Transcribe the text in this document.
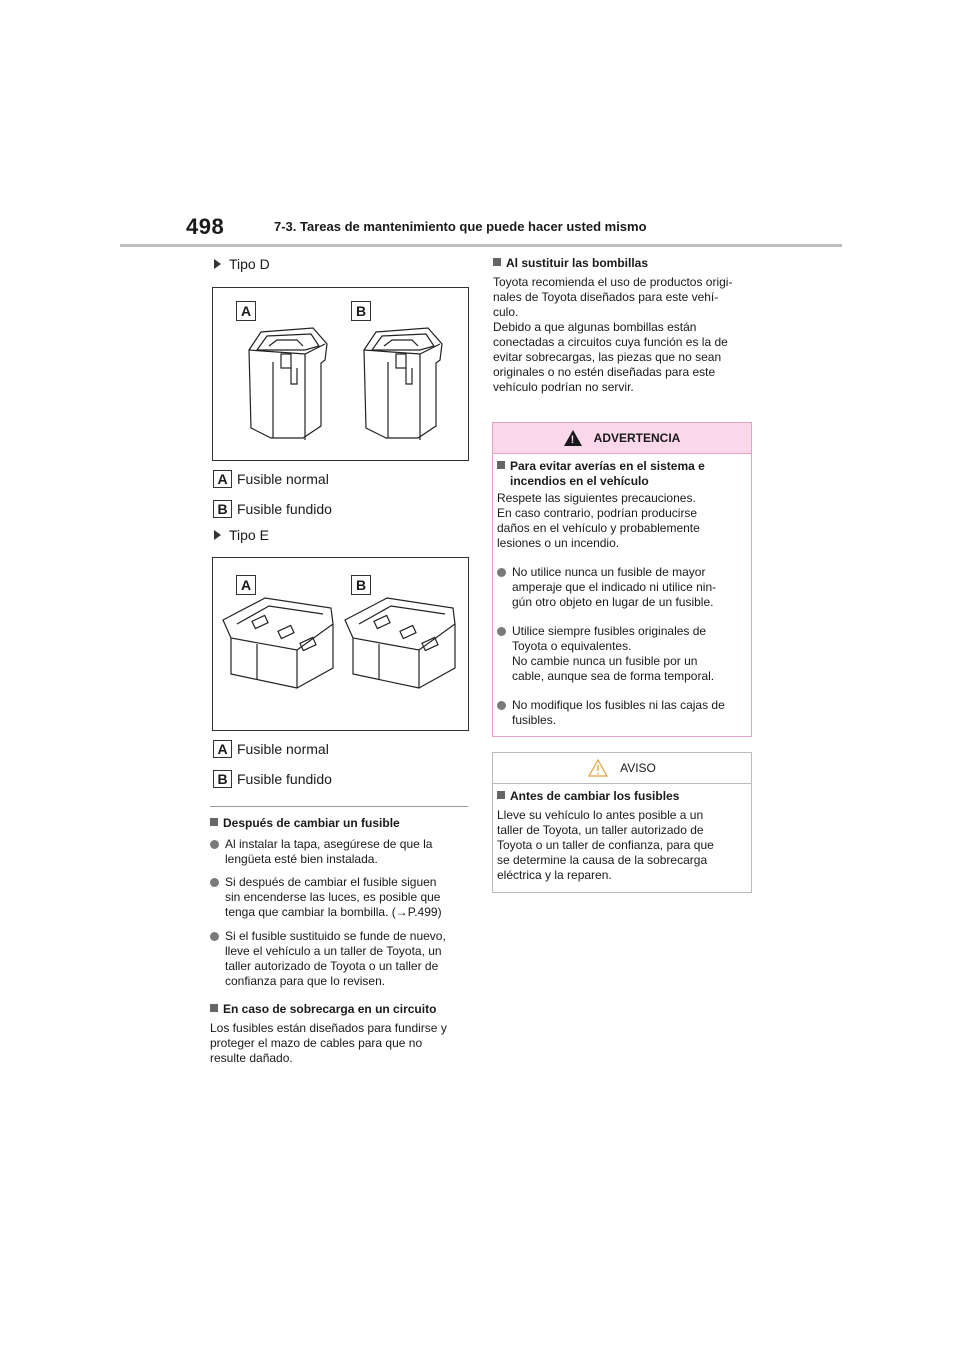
498	7-3. Tareas de mantenimiento que puede hacer usted mismo
Tipo D
A	B
A Fusible normal
B Fusible fundido
Tipo E
A	B
A Fusible normal
B Fusible fundido
Después de cambiar un fusible
Al instalar la tapa, asegúrese de que la
lengüeta esté bien instalada.
Si después de cambiar el fusible siguen
sin encenderse las luces, es posible que
tenga que cambiar la bombilla. (→P.499)
Si el fusible sustituido se funde de nuevo,
lleve el vehículo a un taller de Toyota, un
taller autorizado de Toyota o un taller de
confianza para que lo revisen.
En caso de sobrecarga en un circuito
Los fusibles están diseñados para fundirse y
proteger el mazo de cables para que no
resulte dañado.
Al sustituir las bombillas
Toyota recomienda el uso de productos origi-
nales de Toyota diseñados para este vehí-
culo.
Debido a que algunas bombillas están
conectadas a circuitos cuya función es la de
evitar sobrecargas, las piezas que no sean
originales o no estén diseñadas para este
vehículo podrían no servir.
! ADVERTENCIA
Para evitar averías en el sistema e
incendios en el vehículo
Respete las siguientes precauciones.
En caso contrario, podrían producirse
daños en el vehículo y probablemente
lesiones o un incendio.
No utilice nunca un fusible de mayor
amperaje que el indicado ni utilice nin-
gún otro objeto en lugar de un fusible.
Utilice siempre fusibles originales de
Toyota o equivalentes.
No cambie nunca un fusible por un
cable, aunque sea de forma temporal.
No modifique los fusibles ni las cajas de
fusibles.
AVISO
Antes de cambiar los fusibles
Lleve su vehículo lo antes posible a un
taller de Toyota, un taller autorizado de
Toyota o un taller de confianza, para que
se determine la causa de la sobrecarga
eléctrica y la reparen.
